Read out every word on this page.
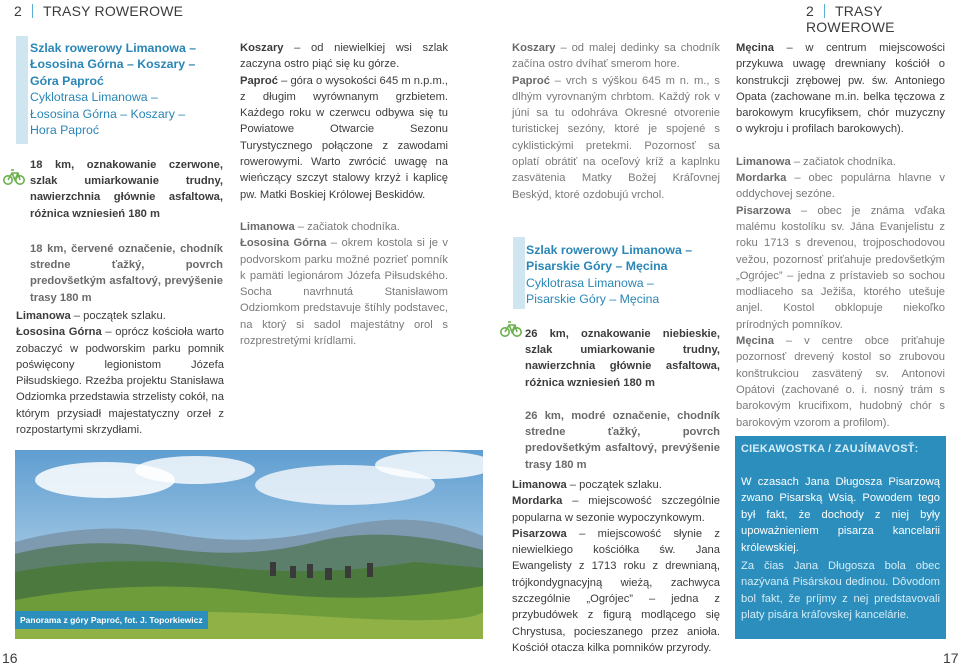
2 TRASY ROWEROWE	2 TRASY ROWEROWE
Szlak rowerowy Limanowa –
Łososina Górna – Koszary –
Góra Paproć
Cyklotrasa Limanowa –
Łososina Górna – Koszary –
Hora Paproć
18 km, oznakowanie czerwone, szlak umiarkowanie trudny, nawierzchnia głównie asfaltowa, różnica wzniesień 180 m
18 km, červené označenie, chodník stredne ťažký, povrch predovšetkým asfaltový, prevýšenie trasy 180 m

Limanowa – początek szlaku.

Łososina Górna – oprócz kościoła warto zobaczyć w podworskim parku pomnik poświęcony legionistom Józefa Piłsudskiego. Rzeźba projektu Stanisława Odziomka przedstawia strzelisty cokół, na którym przysiadł majestatyczny orzeł z rozpostartymi skrzydłami.

Koszary – od niewielkiej wsi szlak zaczyna ostro piąć się ku górze.

Paproć – góra o wysokości 645 m n.p.m., z długim wyrównanym grzbietem. Każdego roku w czerwcu odbywa się tu Powiatowe Otwarcie Sezonu Turystycznego połączone z zawodami rowerowymi. Warto zwrócić uwagę na wieńczący szczyt stalowy krzyż i kaplicę pw. Matki Boskiej Królowej Beskidów.

Limanowa – začiatok chodníka.

Łososina Górna – okrem kostola si je v podvorskom parku možné pozrieť pomník k pamäti legionárom Józefa Piłsudského. Socha navrhnutá Stanisławom Odziomkom predstavuje štíhly podstavec, na ktorý si sadol majestátny orol s rozprestretými krídlami.

Koszary – od malej dedinky sa chodník začína ostro dvíhať smerom hore.

Paproć – vrch s výškou 645 m n. m., s dlhým vyrovnaným chrbtom. Každý rok v júni sa tu odohráva Okresné otvorenie turistickej sezóny, ktoré je spojené s cyklistickými pretekmi. Pozornosť sa oplatí obrátiť na oceľový kríž a kaplnku zasvätenia Matky Božej Kráľovnej Beskýd, ktoré ozdobujú vrchol.

Panorama z góry Paproć, fot. J. Toporkiewicz
Szlak rowerowy Limanowa –
Pisarskie Góry – Męcina
Cyklotrasa Limanowa –
Pisarskie Góry – Męcina
26 km, oznakowanie niebieskie, szlak umiarkowanie trudny, nawierzchnia głównie asfaltowa, różnica wzniesień 180 m
26 km, modré označenie, chodník stredne ťažký, povrch predovšetkým asfaltový, prevýšenie trasy 180 m

Limanowa – początek szlaku.

Mordarka – miejscowość szczególnie popularna w sezonie wypoczynkowym.

Pisarzowa – miejscowość słynie z niewielkiego kościółka św. Jana Ewangelisty z 1713 roku z drewnianą, trójkondygnacyjną wieżą, zachwyca szczególnie „Ogrójec” – jedna z przybudówek z figurą modlącego się Chrystusa, pocieszanego przez anioła. Kościół otacza kilka pomników przyrody.

Męcina – w centrum miejscowości przykuwa uwagę drewniany kościół o konstrukcji zrębowej pw. św. Antoniego Opata (zachowane m.in. belka tęczowa z barokowym krucyfiksem, chór muzyczny o wykroju i profilach barokowych).

Limanowa – začiatok chodníka.

Mordarka – obec populárna hlavne v oddychovej sezóne.

Pisarzowa – obec je známa vďaka malému kostolíku sv. Jána Evanjelistu z roku 1713 s drevenou, trojposchodovou vežou, pozornosť priťahuje predovšetkým „Ogrójec” – jedna z prístavieb so sochou modliaceho sa Ježiša, ktorého utešuje anjel. Kostol obklopuje niekoľko prírodných pomníkov.

Męcina – v centre obce priťahuje pozornosť drevený kostol so zrubovou konštrukciou zasvätený sv. Antonovi Opátovi (zachované o. i. nosný trám s barokovým krucifixom, hudobný chór s barokovým vzorom a profilom).

CIEKAWOSTKA / ZAUJÍMAVOSŤ:
W czasach Jana Długosza Pisarzową zwano Pisarską Wsią. Powodem tego był fakt, że dochody z niej były upoważnieniem pisarza kancelarii królewskiej.
Za čias Jana Długosza bola obec nazývaná Pisárskou dedinou. Dôvodom bol fakt, že príjmy z nej predstavovali platy pisára kráľovskej kancelárie.
16	17
